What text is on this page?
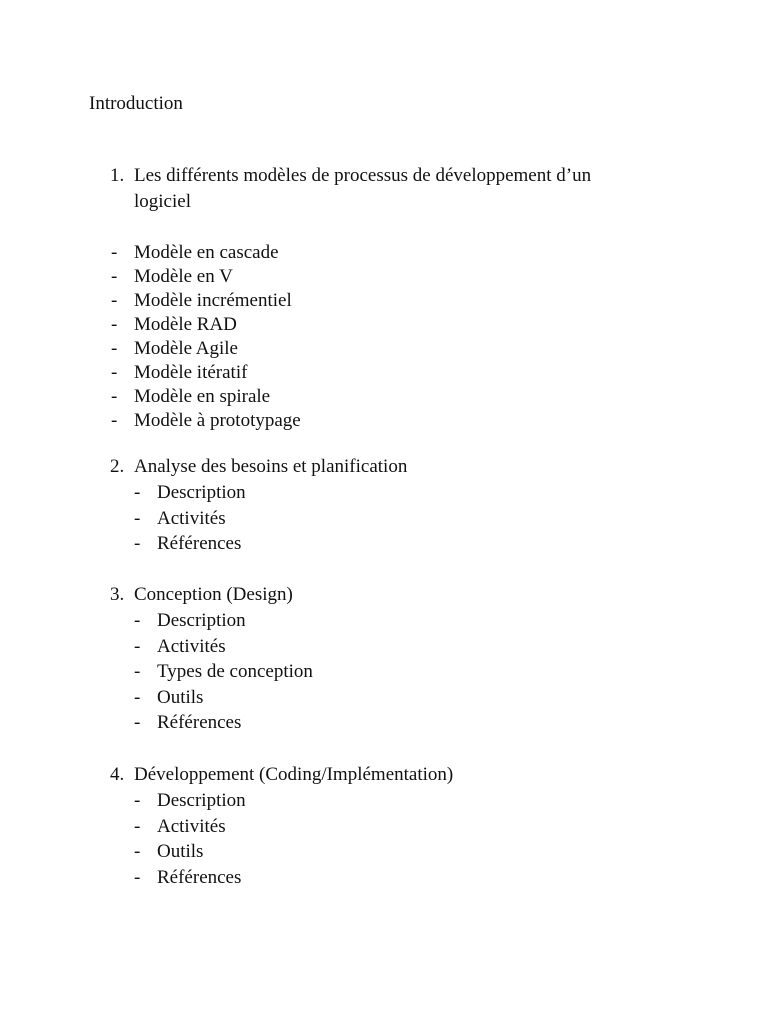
Introduction
1. Les différents modèles de processus de développement d’un logiciel
- Modèle en cascade
- Modèle en V
- Modèle incrémentiel
- Modèle RAD
- Modèle Agile
- Modèle itératif
- Modèle en spirale
- Modèle à prototypage
2. Analyse des besoins et planification
- Description
- Activités
- Références
3. Conception (Design)
- Description
- Activités
- Types de conception
- Outils
- Références
4. Développement (Coding/Implémentation)
- Description
- Activités
- Outils
- Références
